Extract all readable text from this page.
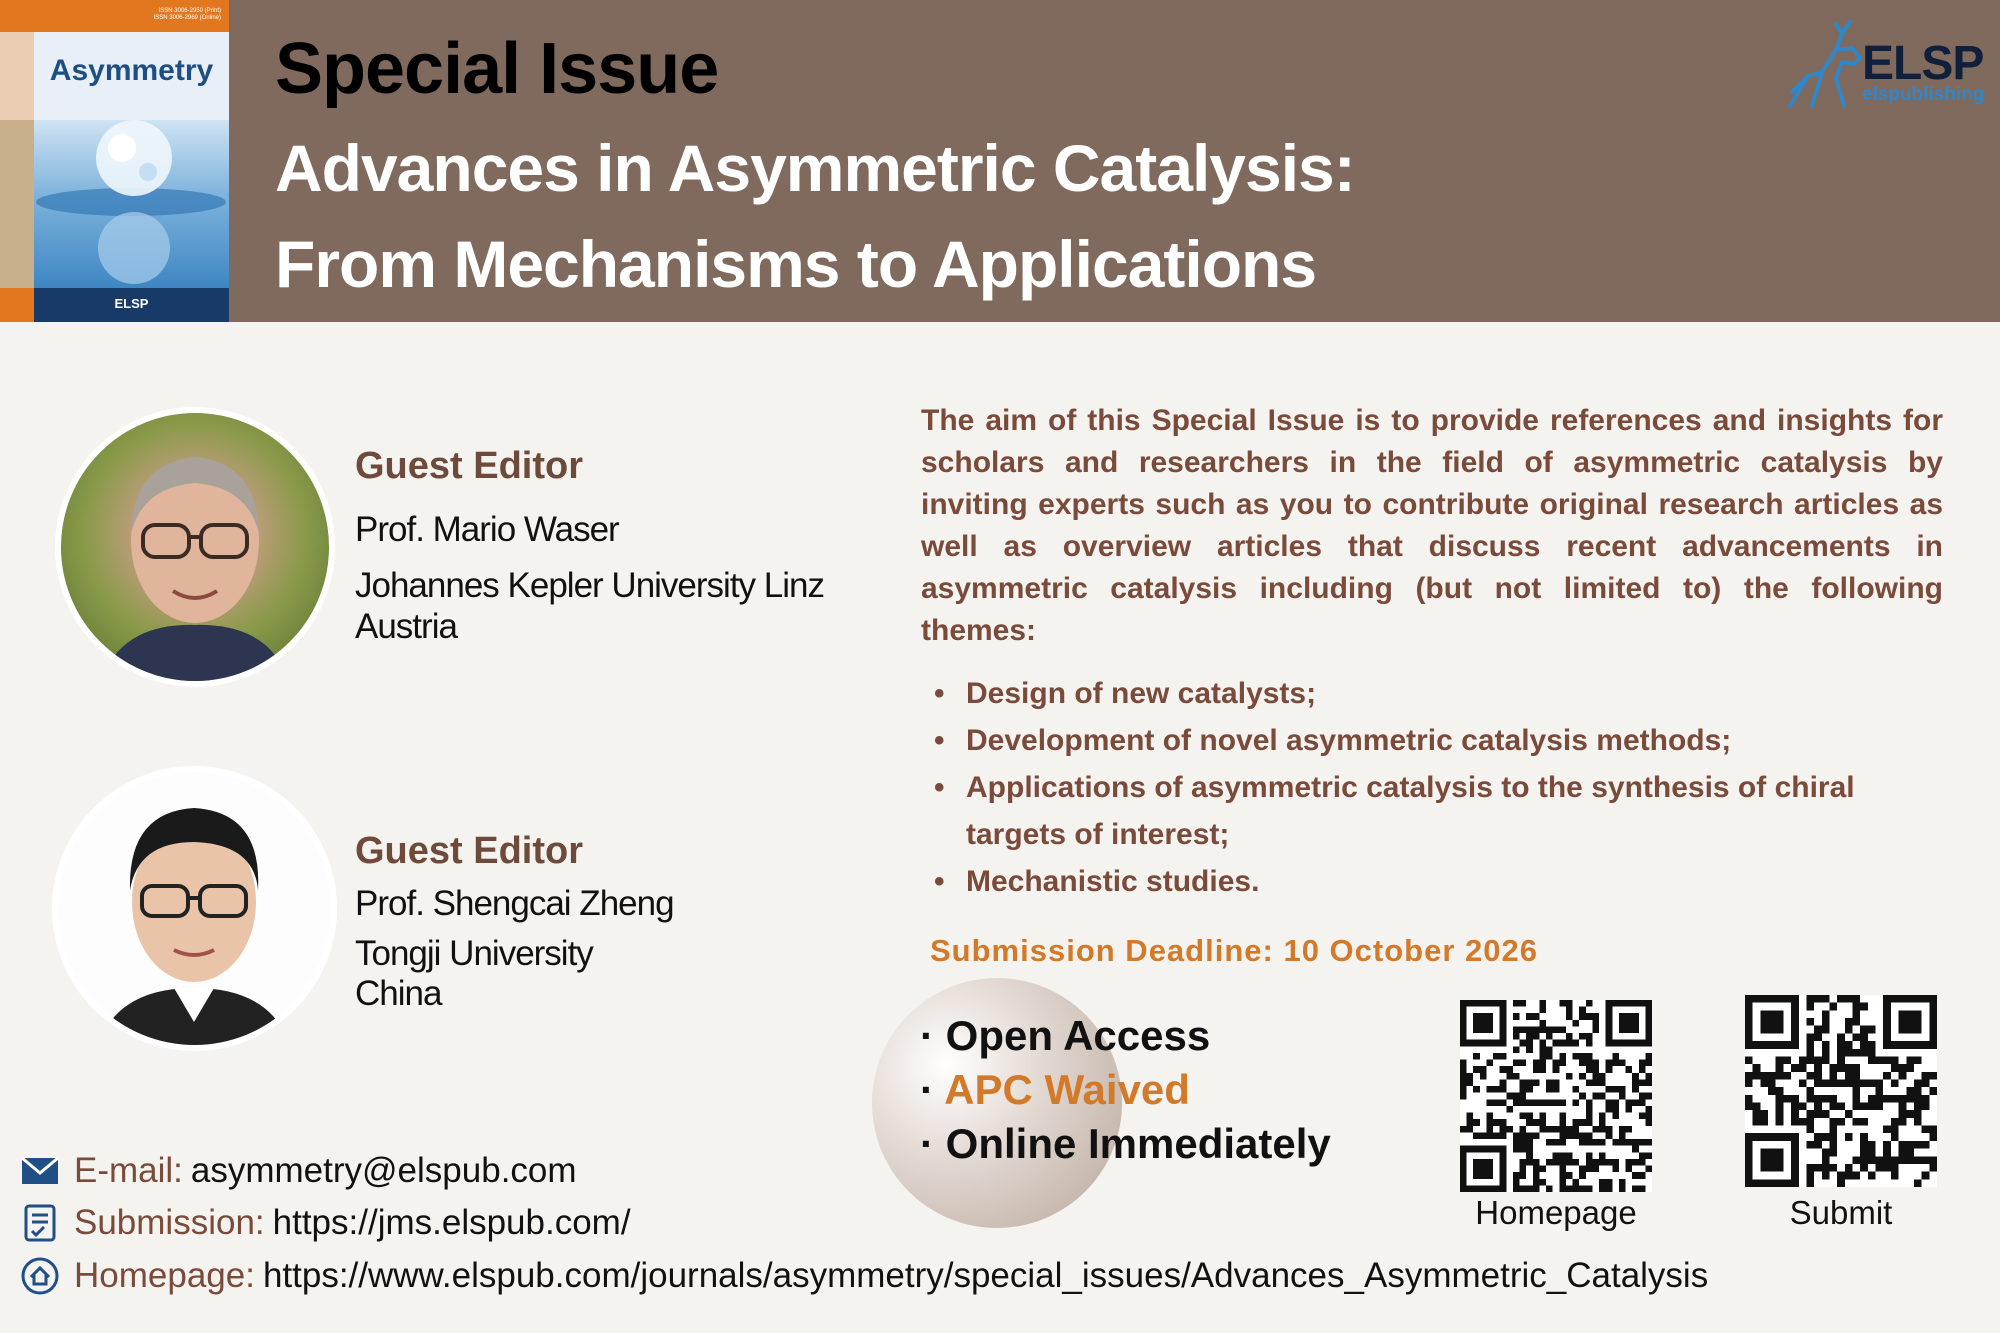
ISSN 3006-2950 (Print)
ISSN 3006-2969 (Online)
Asymmetry
ELSP
Special Issue
Advances in Asymmetric Catalysis:
From Mechanisms to Applications
ELSP
elspublishing
Guest Editor
Prof. Mario Waser
Johannes Kepler University Linz
Austria
Guest Editor
Prof. Shengcai Zheng
Tongji University
China
The aim of this Special Issue is to provide references and insights for scholars and researchers in the field of asymmetric catalysis by inviting experts such as you to contribute original research articles as well as overview articles that discuss recent advancements in asymmetric catalysis including (but not limited to) the following themes:
• Design of new catalysts;
• Development of novel asymmetric catalysis methods;
• Applications of asymmetric catalysis to the synthesis of chiral targets of interest;
• Mechanistic studies.
Submission Deadline: 10 October 2026
· Open Access
· APC Waived
· Online Immediately
Homepage	Submit
E-mail: asymmetry@elspub.com
Submission: https://jms.elspub.com/
Homepage: https://www.elspub.com/journals/asymmetry/special_issues/Advances_Asymmetric_Catalysis
